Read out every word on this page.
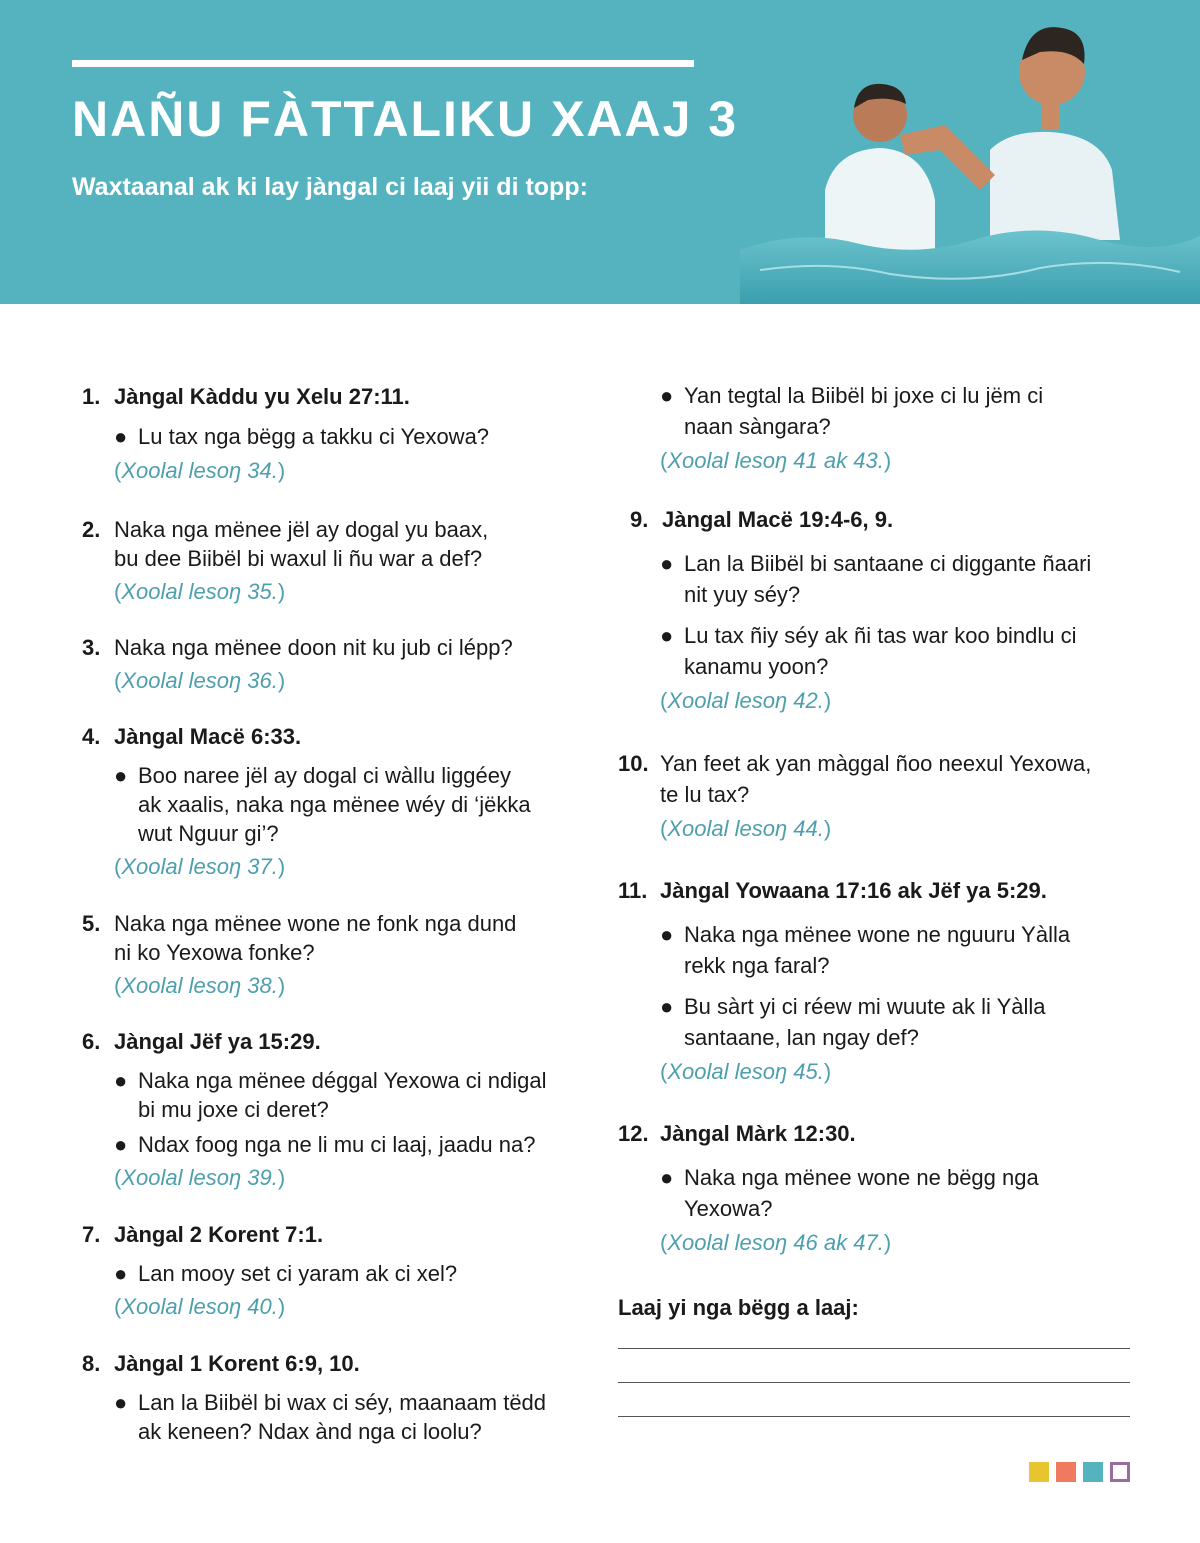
NAÑU FÀTTALIKU XAAJ 3

Waxtaanal ak ki lay jàngal ci laaj yii di topp:

1. Jàngal Kàddu yu Xelu 27:11.
● Lu tax nga bëgg a takku ci Yexowa?
(Xoolal lesoŋ 34.)
2. Naka nga mënee jël ay dogal yu baax,
bu dee Biibël bi waxul li ñu war a def?
(Xoolal lesoŋ 35.)
3. Naka nga mënee doon nit ku jub ci lépp?
(Xoolal lesoŋ 36.)
4. Jàngal Macë 6:33.
● Boo naree jël ay dogal ci wàllu liggéey
ak xaalis, naka nga mënee wéy di ‘jëkka
wut Nguur gi’?
(Xoolal lesoŋ 37.)
5. Naka nga mënee wone ne fonk nga dund
ni ko Yexowa fonke?
(Xoolal lesoŋ 38.)
6. Jàngal Jëf ya 15:29.
● Naka nga mënee déggal Yexowa ci ndigal
bi mu joxe ci deret?
● Ndax foog nga ne li mu ci laaj, jaadu na?
(Xoolal lesoŋ 39.)
7. Jàngal 2 Korent 7:1.
● Lan mooy set ci yaram ak ci xel?
(Xoolal lesoŋ 40.)
8. Jàngal 1 Korent 6:9, 10.
● Lan la Biibël bi wax ci séy, maanaam tëdd
ak keneen? Ndax ànd nga ci loolu?
● Yan tegtal la Biibël bi joxe ci lu jëm ci
naan sàngara?
(Xoolal lesoŋ 41 ak 43.)
9. Jàngal Macë 19:4-6, 9.
● Lan la Biibël bi santaane ci diggante ñaari
nit yuy séy?
● Lu tax ñiy séy ak ñi tas war koo bindlu ci
kanamu yoon?
(Xoolal lesoŋ 42.)
10. Yan feet ak yan màggal ñoo neexul Yexowa,
te lu tax?
(Xoolal lesoŋ 44.)
11. Jàngal Yowaana 17:16 ak Jëf ya 5:29.
● Naka nga mënee wone ne nguuru Yàlla
rekk nga faral?
● Bu sàrt yi ci réew mi wuute ak li Yàlla
santaane, lan ngay def?
(Xoolal lesoŋ 45.)
12. Jàngal Màrk 12:30.
● Naka nga mënee wone ne bëgg nga
Yexowa?
(Xoolal lesoŋ 46 ak 47.)
Laaj yi nga bëgg a laaj:
